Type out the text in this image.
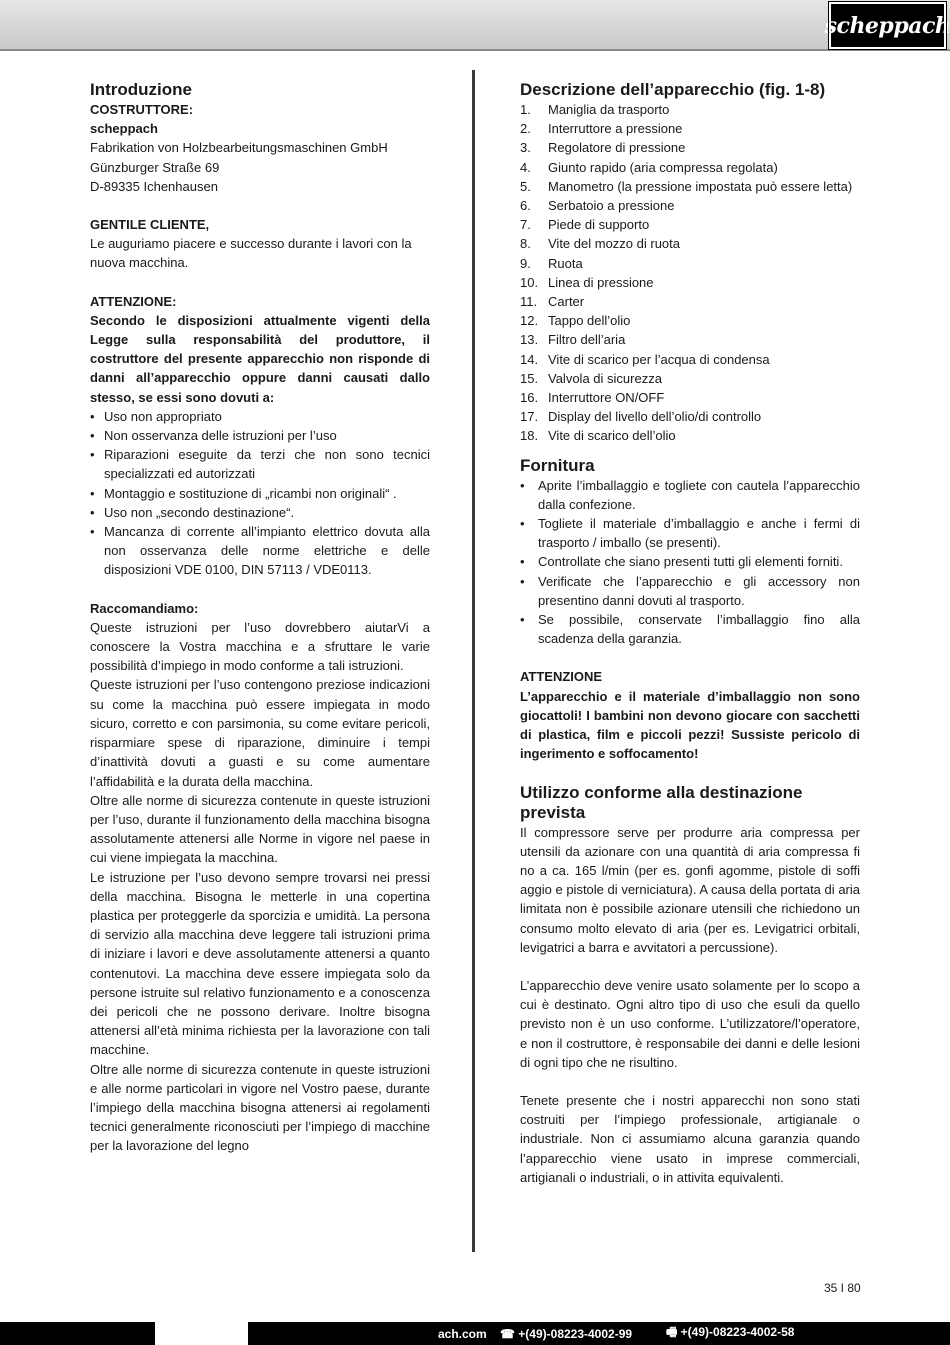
scheppach
Introduzione
COSTRUTTORE:
scheppach
Fabrikation von Holzbearbeitungsmaschinen GmbH
Günzburger Straße 69
D-89335 Ichenhausen
GENTILE CLIENTE,
Le auguriamo piacere e successo durante i lavori con la nuova macchina.
ATTENZIONE:
Secondo le disposizioni attualmente vigenti della Legge sulla responsabilità del produttore, il costruttore del presente apparecchio non risponde di danni all’apparecchio oppure danni causati dallo stesso, se essi sono dovuti a:
• Uso non appropriato
• Non osservanza delle istruzioni per l’uso
• Riparazioni eseguite da terzi che non sono tecnici specializzati ed autorizzati
• Montaggio e sostituzione di „ricambi non originali“ .
• Uso non „secondo destinazione“.
• Mancanza di corrente all’impianto elettrico dovuta alla non osservanza delle norme elettriche e delle disposizioni VDE 0100, DIN 57113 / VDE0113.
Raccomandiamo:
Queste istruzioni per l’uso dovrebbero aiutarVi a conoscere la Vostra macchina e a sfruttare le varie possibilità d’impiego in modo conforme a tali istruzioni.
Queste istruzioni per l’uso contengono preziose indicazioni su come la macchina può essere impiegata in modo sicuro, corretto e con parsimonia, su come evitare pericoli, risparmiare spese di riparazione, diminuire i tempi d’inattività dovuti a guasti e su come aumentare l’affidabilità e la durata della macchina.
Oltre alle norme di sicurezza contenute in queste istruzioni per l’uso, durante il funzionamento della macchina bisogna assolutamente attenersi alle Norme in vigore nel paese in cui viene impiegata la macchina.
Le istruzione per l’uso devono sempre trovarsi nei pressi della macchina. Bisogna le metterle in una copertina plastica per proteggerle da sporcizia e umidità. La persona di servizio alla macchina deve leggere tali istruzioni prima di iniziare i lavori e deve assolutamente attenersi a quanto contenutovi. La macchina deve essere impiegata solo da persone istruite sul relativo funzionamento e a conoscenza dei pericoli che ne possono derivare. Inoltre bisogna attenersi all’età minima richiesta per la lavorazione con tali macchine.
Oltre alle norme di sicurezza contenute in queste istruzioni e alle norme particolari in vigore nel Vostro paese, durante l’impiego della macchina bisogna attenersi ai regolamenti tecnici generalmente riconosciuti per l’impiego di macchine per la lavorazione del legno
Descrizione dell’apparecchio (fig. 1-8)
1.	Maniglia da trasporto
2.	Interruttore a pressione
3.	Regolatore di pressione
4.	Giunto rapido (aria compressa regolata)
5.	Manometro (la pressione impostata può essere letta)
6.	Serbatoio a pressione
7.	Piede di supporto
8.	Vite del mozzo di ruota
9.	Ruota
10. Linea di pressione
11. Carter
12. Tappo dell’olio
13. Filtro dell’aria
14. Vite di scarico per l’acqua di condensa
15. Valvola di sicurezza
16. Interruttore ON/OFF
17. Display del livello dell’olio/di controllo
18. Vite di scarico dell’olio
Fornitura
• Aprite l’imballaggio e togliete con cautela l’apparecchio dalla confezione.
• Togliete il materiale d’imballaggio e anche i fermi di trasporto / imballo (se presenti).
• Controllate che siano presenti tutti gli elementi forniti.
• Verificate che l’apparecchio e gli accessory non presentino danni dovuti al trasporto.
• Se possibile, conservate l’imballaggio fino alla scadenza della garanzia.
ATTENZIONE
L’apparecchio e il materiale d’imballaggio non sono giocattoli! I bambini non devono giocare con sacchetti di plastica, film e piccoli pezzi! Sussiste pericolo di ingerimento e soffocamento!
Utilizzo conforme alla destinazione prevista
Il compressore serve per produrre aria compressa per utensili da azionare con una quantità di aria compressa fi no a ca. 165 l/min (per es. gonfi agomme, pistole di soffi aggio e pistole di verniciatura). A causa della portata di aria limitata non è possibile azionare utensili che richiedono un consumo molto elevato di aria (per es. Levigatrici orbitali, levigatrici a barra e avvitatori a percussione).
L’apparecchio deve venire usato solamente per lo scopo a cui è destinato. Ogni altro tipo di uso che esuli da quello previsto non è un uso conforme. L’utilizzatore/l’operatore, e non il costruttore, è responsabile dei danni e delle lesioni di ogni tipo che ne risultino.
Tenete presente che i nostri apparecchi non sono stati costruiti per l’impiego professionale, artigianale o industriale. Non ci assumiamo alcuna garanzia quando l’apparecchio viene usato in imprese commerciali, artigianali o industriali, o in attivita equivalenti.
35 I 80
ach.com ☎ +(49)-08223-4002-99	🖷 +(49)-08223-4002-58
